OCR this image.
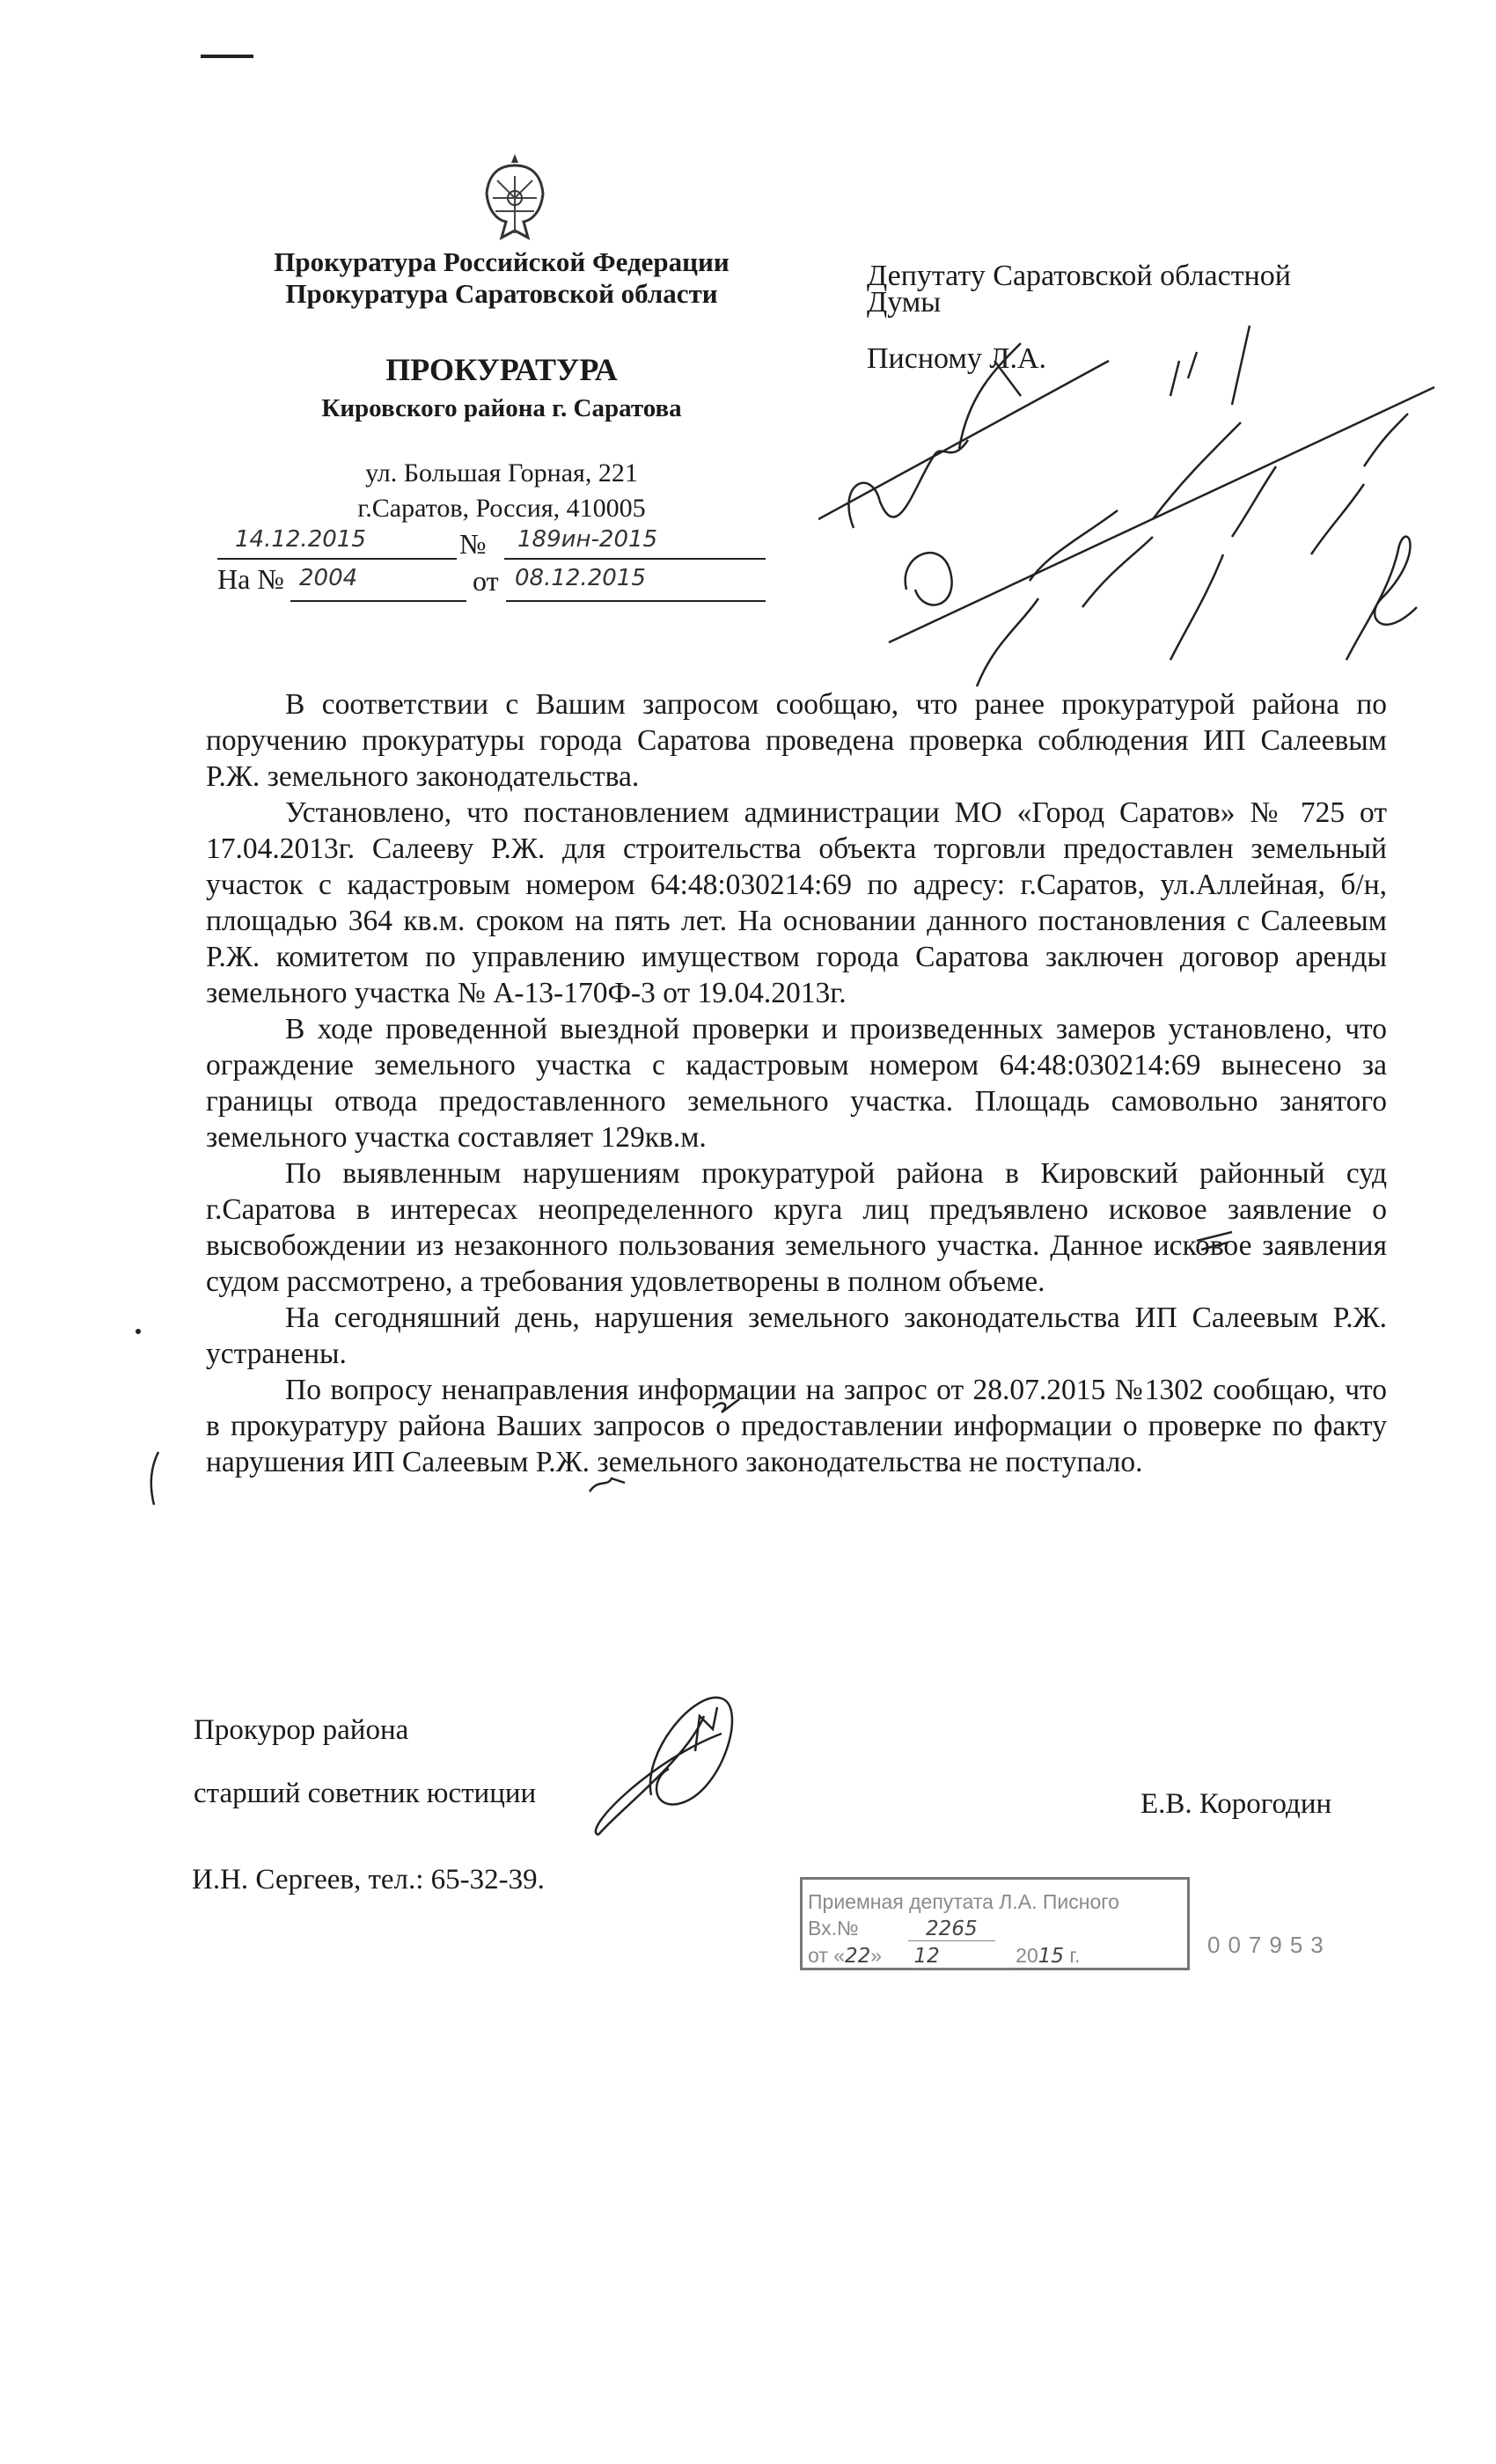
Прокуратура Российской Федерации
Прокуратура Саратовской области
ПРОКУРАТУРА
Кировского района г. Саратова
ул. Большая Горная, 221
г.Саратов, Россия, 410005
14.12.2015	№ 189ин-2015
На № 2004	от 08.12.2015
Депутату Саратовской областной
Думы
Писному Л.А.

В соответствии с Вашим запросом сообщаю, что ранее прокуратурой района по поручению прокуратуры города Саратова проведена проверка соблюдения ИП Салеевым Р.Ж. земельного законодательства.

Установлено, что постановлением администрации МО «Город Саратов» № 725 от 17.04.2013г. Салееву Р.Ж. для строительства объекта торговли предоставлен земельный участок с кадастровым номером 64:48:030214:69 по адресу: г.Саратов, ул.Аллейная, б/н, площадью 364 кв.м. сроком на пять лет. На основании данного постановления с Салеевым Р.Ж. комитетом по управлению имуществом города Саратова заключен договор аренды земельного участка № А-13-170Ф-3 от 19.04.2013г.

В ходе проведенной выездной проверки и произведенных замеров установлено, что ограждение земельного участка с кадастровым номером 64:48:030214:69 вынесено за границы отвода предоставленного земельного участка. Площадь самовольно занятого земельного участка составляет 129кв.м.

По выявленным нарушениям прокуратурой района в Кировский районный суд г.Саратова в интересах неопределенного круга лиц предъявлено исковое заявление о высвобождении из незаконного пользования земельного участка. Данное исковое заявления судом рассмотрено, а требования удовлетворены в полном объеме.

На сегодняшний день, нарушения земельного законодательства ИП Салеевым Р.Ж. устранены.

По вопросу ненаправления информации на запрос от 28.07.2015 №1302 сообщаю, что в прокуратуру района Ваших запросов о предоставлении информации о проверке по факту нарушения ИП Салеевым Р.Ж. земельного законодательства не поступало.

Прокурор района
старший советник юстиции	Е.В. Корогодин
И.Н. Сергеев, тел.: 65-32-39.
Приемная депутата Л.А. Писного
Вх.№	2265
от «22» 12	2015 г.	007953
